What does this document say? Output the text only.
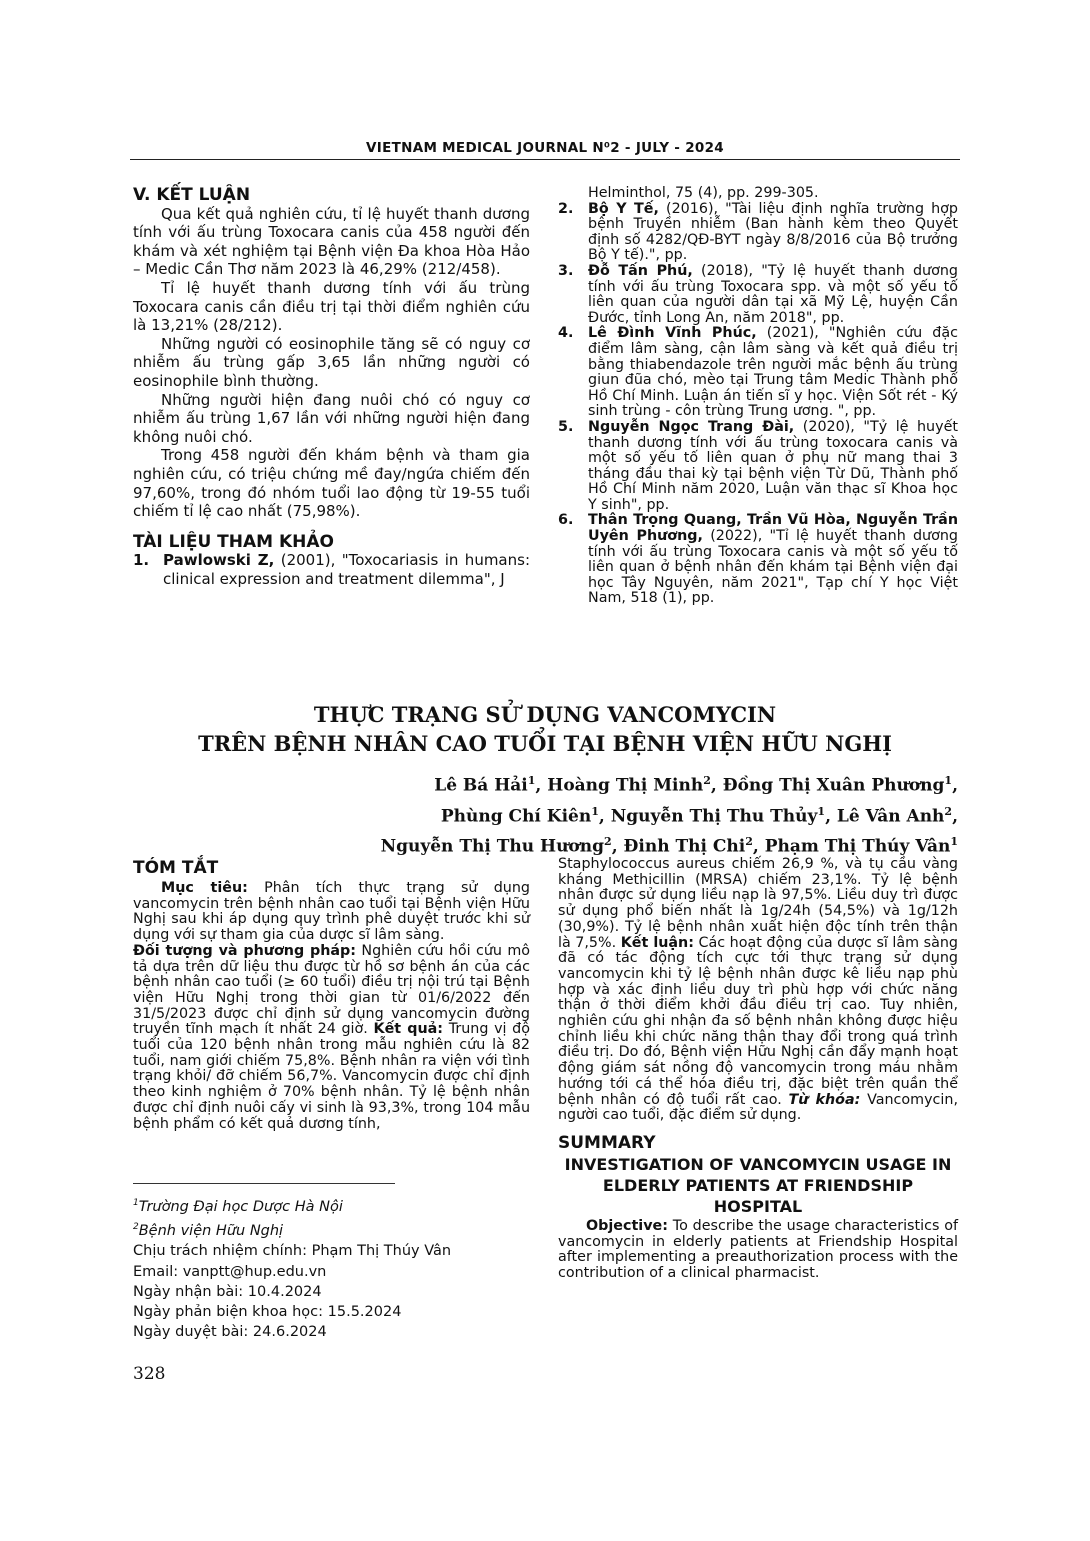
VIETNAM MEDICAL JOURNAL N⁰2 - JULY - 2024

V. KẾT LUẬN

Qua kết quả nghiên cứu, tỉ lệ huyết thanh dương tính với ấu trùng Toxocara canis của 458 người đến khám và xét nghiệm tại Bệnh viện Đa khoa Hòa Hảo – Medic Cần Thơ năm 2023 là 46,29% (212/458).

Tỉ lệ huyết thanh dương tính với ấu trùng Toxocara canis cần điều trị tại thời điểm nghiên cứu là 13,21% (28/212).

Những người có eosinophile tăng sẽ có nguy cơ nhiễm ấu trùng gấp 3,65 lần những người có eosinophile bình thường.

Những người hiện đang nuôi chó có nguy cơ nhiễm ấu trùng 1,67 lần với những người hiện đang không nuôi chó.

Trong 458 người đến khám bệnh và tham gia nghiên cứu, có triệu chứng mề đay/ngứa chiếm đến 97,60%, trong đó nhóm tuổi lao động từ 19-55 tuổi chiếm tỉ lệ cao nhất (75,98%).

TÀI LIỆU THAM KHẢO

1. Pawlowski Z, (2001), "Toxocariasis in humans: clinical expression and treatment dilemma", J

Helminthol, 75 (4), pp. 299-305.

2.	Bộ Y Tế, (2016), "Tài liệu định nghĩa trường hợp bệnh Truyền nhiễm (Ban hành kèm theo Quyết định số 4282/QĐ-BYT ngày 8/8/2016 của Bộ trưởng Bộ Y tế).", pp.
3.	Đỗ Tấn Phú, (2018), "Tỷ lệ huyết thanh dương tính với ấu trùng Toxocara spp. và một số yếu tố liên quan của người dân tại xã Mỹ Lệ, huyện Cần Đước, tỉnh Long An, năm 2018", pp.
4.	Lê Đình Vĩnh Phúc, (2021), "Nghiên cứu đặc điểm lâm sàng, cận lâm sàng và kết quả điều trị bằng thiabendazole trên người mắc bệnh ấu trùng giun đũa chó, mèo tại Trung tâm Medic Thành phố Hồ Chí Minh. Luận án tiến sĩ y học. Viện Sốt rét - Ký sinh trùng - côn trùng Trung ương. ", pp.
5.	Nguyễn Ngọc Trang Đài, (2020), "Tỷ lệ huyết thanh dương tính với ấu trùng toxocara canis và một số yếu tố liên quan ở phụ nữ mang thai 3 tháng đầu thai kỳ tại bệnh viện Từ Dũ, Thành phố Hồ Chí Minh năm 2020, Luận văn thạc sĩ Khoa học Y sinh", pp.
6.	Thân Trọng Quang, Trần Vũ Hòa, Nguyễn Trần Uyên Phương, (2022), "Tỉ lệ huyết thanh dương tính với ấu trùng Toxocara canis và một số yếu tố liên quan ở bệnh nhân đến khám tại Bệnh viện đại học Tây Nguyên, năm 2021", Tạp chí Y học Việt Nam, 518 (1), pp.
THỰC TRẠNG SỬ DỤNG VANCOMYCIN
TRÊN BỆNH NHÂN CAO TUỔI TẠI BỆNH VIỆN HỮU NGHỊ
Lê Bá Hải$^1$, Hoàng Thị Minh$^2$, Đồng Thị Xuân Phương$^1$,
Phùng Chí Kiên$^1$, Nguyễn Thị Thu Thủy$^1$, Lê Vân Anh$^2$,
Nguyễn Thị Thu Hương$^2$, Đinh Thị Chi$^2$, Phạm Thị Thúy Vân$^1$

TÓM TẮT

Mục tiêu: Phân tích thực trạng sử dụng vancomycin trên bệnh nhân cao tuổi tại Bệnh viện Hữu Nghị sau khi áp dụng quy trình phê duyệt trước khi sử dụng với sự tham gia của dược sĩ lâm sàng.

Đối tượng và phương pháp: Nghiên cứu hồi cứu mô tả dựa trên dữ liệu thu được từ hồ sơ bệnh án của các bệnh nhân cao tuổi (≥ 60 tuổi) điều trị nội trú tại Bệnh viện Hữu Nghị trong thời gian từ 01/6/2022 đến 31/5/2023 được chỉ định sử dụng vancomycin đường truyền tĩnh mạch ít nhất 24 giờ. Kết quả: Trung vị độ tuổi của 120 bệnh nhân trong mẫu nghiên cứu là 82 tuổi, nam giới chiếm 75,8%. Bệnh nhân ra viện với tình trạng khỏi/ đỡ chiếm 56,7%. Vancomycin được chỉ định theo kinh nghiệm ở 70% bệnh nhân. Tỷ lệ bệnh nhân được chỉ định nuôi cấy vi sinh là 93,3%, trong 104 mẫu bệnh phẩm có kết quả dương tính,

Staphylococcus aureus chiếm 26,9 %, và tụ cầu vàng kháng Methicillin (MRSA) chiếm 23,1%. Tỷ lệ bệnh nhân được sử dụng liều nạp là 97,5%. Liều duy trì được sử dụng phổ biến nhất là 1g/24h (54,5%) và 1g/12h (30,9%). Tỷ lệ bệnh nhân xuất hiện độc tính trên thận là 7,5%. Kết luận: Các hoạt động của dược sĩ lâm sàng đã có tác động tích cực tới thực trạng sử dụng vancomycin khi tỷ lệ bệnh nhân được kê liều nạp phù hợp và xác định liều duy trì phù hợp với chức năng thận ở thời điểm khởi đầu điều trị cao. Tuy nhiên, nghiên cứu ghi nhận đa số bệnh nhân không được hiệu chỉnh liều khi chức năng thận thay đổi trong quá trình điều trị. Do đó, Bệnh viện Hữu Nghị cần đẩy mạnh hoạt động giám sát nồng độ vancomycin trong máu nhằm hướng tới cá thể hóa điều trị, đặc biệt trên quần thể bệnh nhân có độ tuổi rất cao. Từ khóa: Vancomycin, người cao tuổi, đặc điểm sử dụng.

SUMMARY

INVESTIGATION OF VANCOMYCIN USAGE IN ELDERLY PATIENTS AT FRIENDSHIP HOSPITAL

Objective: To describe the usage characteristics of vancomycin in elderly patients at Friendship Hospital after implementing a preauthorization process with the contribution of a clinical pharmacist.

$^1$Trường Đại học Dược Hà Nội

$^2$Bệnh viện Hữu Nghị

Chịu trách nhiệm chính: Phạm Thị Thúy Vân

Email: vanptt@hup.edu.vn

Ngày nhận bài: 10.4.2024

Ngày phản biện khoa học: 15.5.2024

Ngày duyệt bài: 24.6.2024

328
